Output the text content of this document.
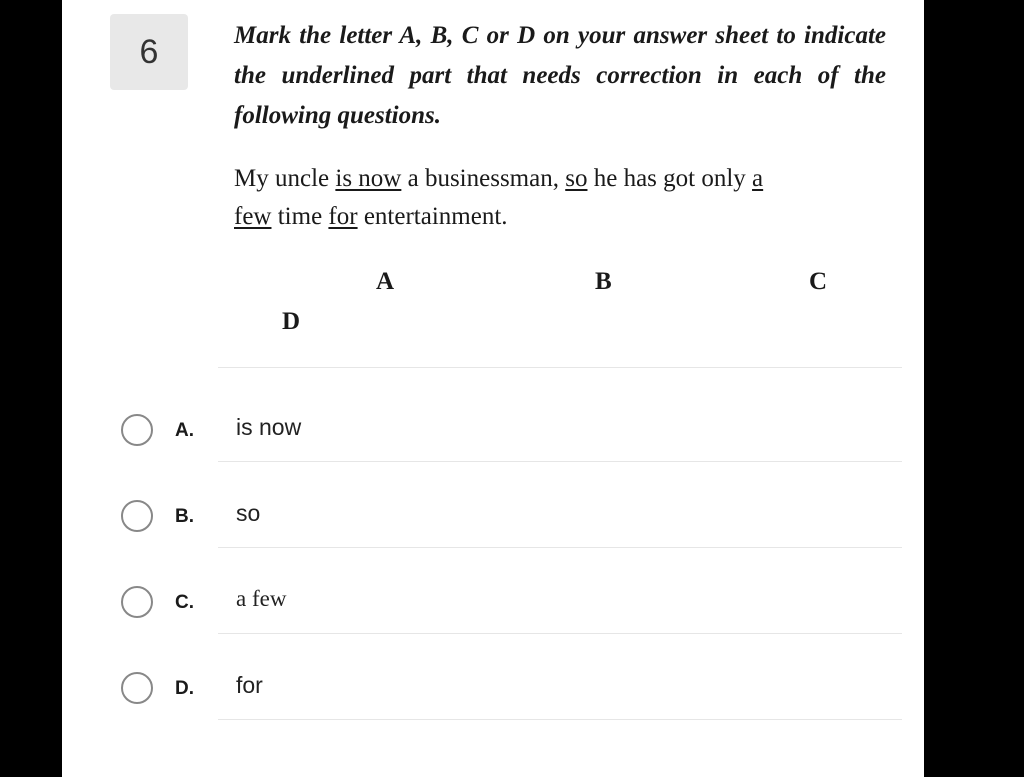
6	Mark the letter A, B, C or D on your answer sheet to indicate the underlined part that needs correction in each of the following questions.
My uncle is now a businessman, so he has got only a
few time for entertainment.
A	B	C
D
A. is now
B. so
C. a few
D. for
